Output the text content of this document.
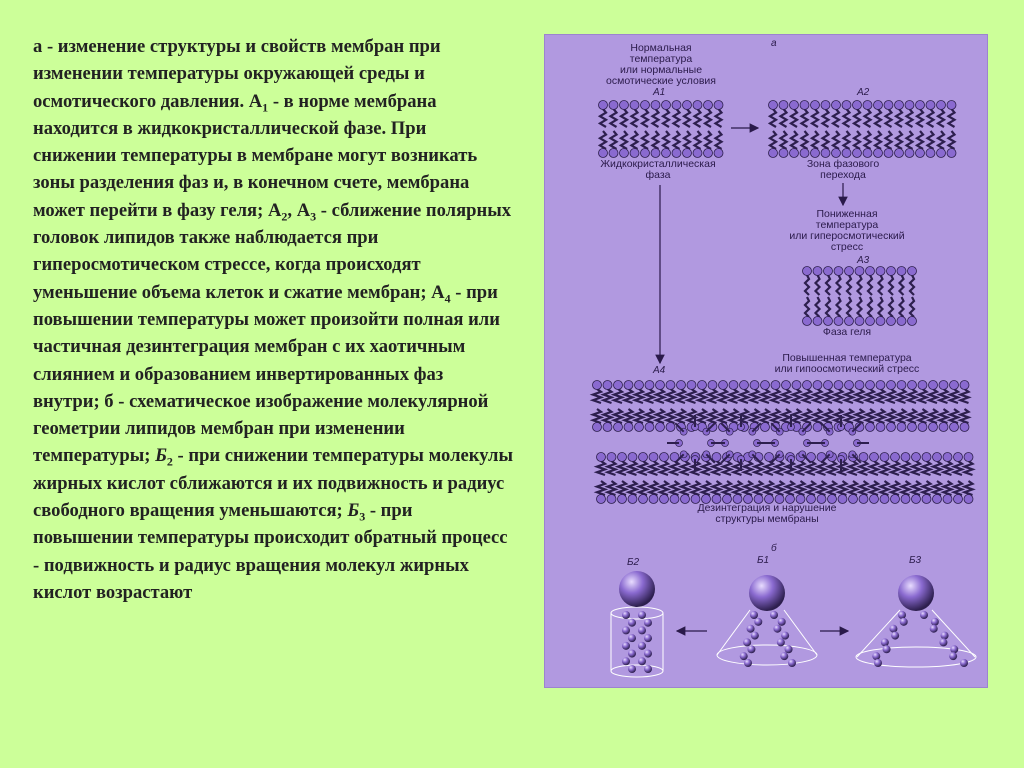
а - изменение структуры и свойств мембран при изменении температуры окружающей среды и осмотического давления. $А_1$ - в норме мембрана находится в жидкокристаллической фазе. При снижении температуры в мембране могут возникать зоны разделения фаз и, в конечном счете, мембрана может перейти в фазу геля; $А_2$, $А_3$ - сближение полярных головок липидов также наблюдается при гиперосмотическом стрессе, когда происходят уменьшение объема клеток и сжатие мембран; $А_4$ - при повышении температуры может произойти полная или частичная дезинтеграция мембран с их хаотичным слиянием и образованием инвертированных фаз внутри; б - схематическое изображение молекулярной геометрии липидов мембран при изменении температуры; $Б_2$ - при снижении температуры молекулы жирных кислот сближаются и их подвижность и радиус свободного вращения уменьшаются; $Б_3$ - при повышении температуры происходит обратный процесс - подвижность и радиус вращения молекул жирных кислот возрастают
а
Нормальная
температура
или нормальные
осмотические условия
А1	А2
Жидкокристаллическая
фаза
Зона фазового
перехода
Пониженная
температура
или гиперосмотический
стресс
А3
Фаза геля
Повышенная температура
или гипоосмотический стресс
А4
Дезинтеграция и нарушение
структуры мембраны
б
Б2	Б1	Б3
